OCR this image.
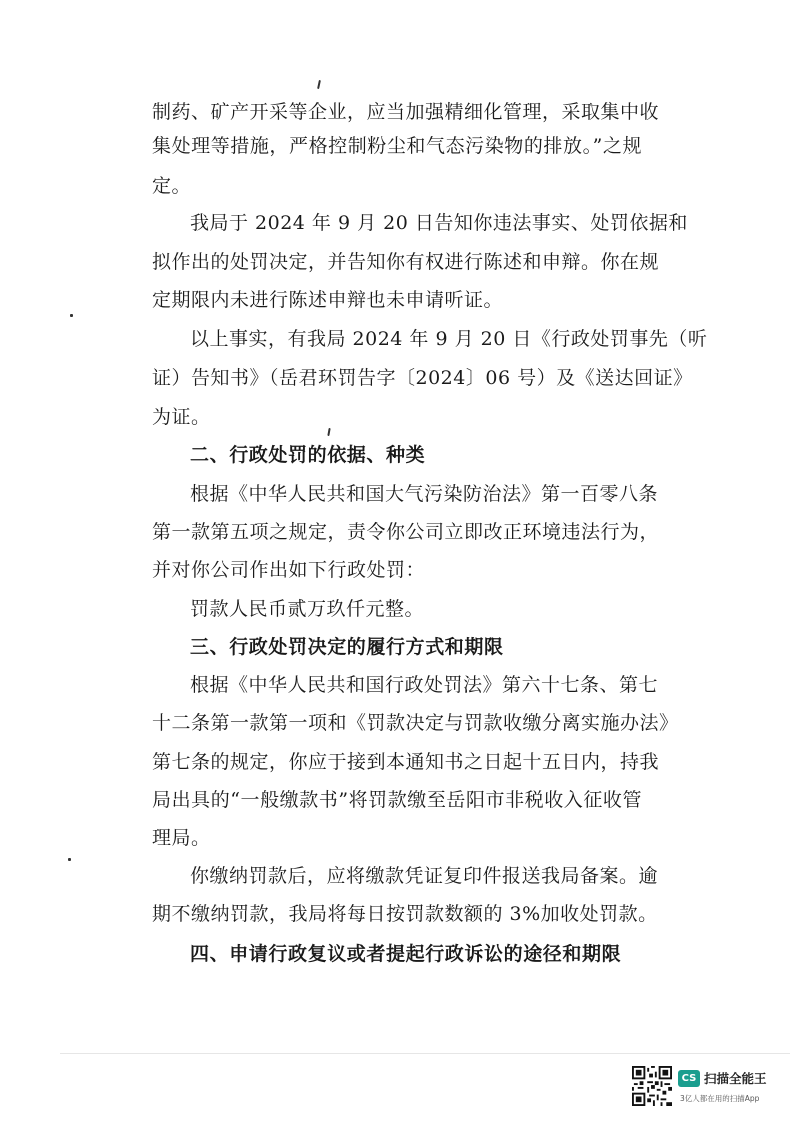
制药、矿产开采等企业，应当加强精细化管理，采取集中收
集处理等措施，严格控制粉尘和气态污染物的排放。”之规
定。
我局于 2024 年 9 月 20 日告知你违法事实、处罚依据和
拟作出的处罚决定，并告知你有权进行陈述和申辩。你在规
定期限内未进行陈述申辩也未申请听证。
以上事实，有我局 2024 年 9 月 20 日《行政处罚事先（听
证）告知书》（岳君环罚告字〔2024〕06 号）及《送达回证》
为证。
二、行政处罚的依据、种类
根据《中华人民共和国大气污染防治法》第一百零八条
第一款第五项之规定，责令你公司立即改正环境违法行为，
并对你公司作出如下行政处罚：
罚款人民币贰万玖仟元整。
三、行政处罚决定的履行方式和期限
根据《中华人民共和国行政处罚法》第六十七条、第七
十二条第一款第一项和《罚款决定与罚款收缴分离实施办法》
第七条的规定，你应于接到本通知书之日起十五日内，持我
局出具的“一般缴款书”将罚款缴至岳阳市非税收入征收管
理局。
你缴纳罚款后，应将缴款凭证复印件报送我局备案。逾
期不缴纳罚款，我局将每日按罚款数额的 3%加收处罚款。
四、申请行政复议或者提起行政诉讼的途径和期限
CS 扫描全能王
3亿人都在用的扫描App
